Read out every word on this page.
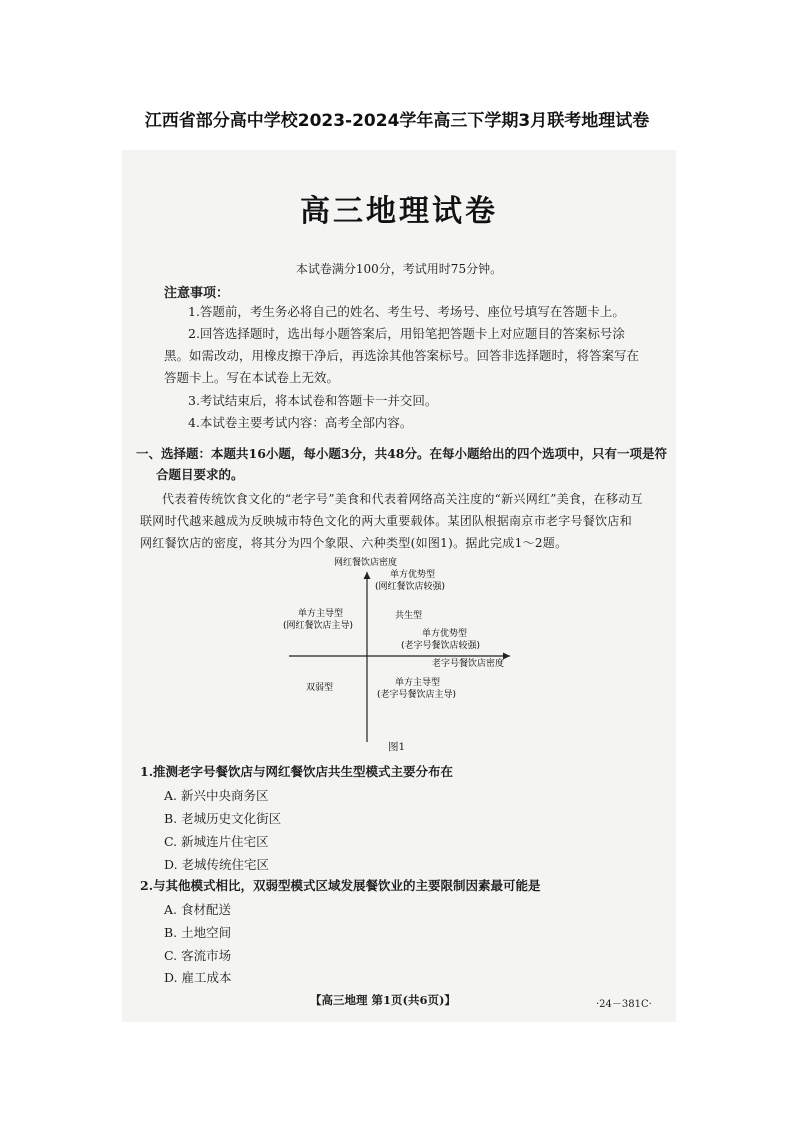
江西省部分高中学校2023-2024学年高三下学期3月联考地理试卷
高三地理试卷
本试卷满分100分，考试用时75分钟。
注意事项：
1.答题前，考生务必将自己的姓名、考生号、考场号、座位号填写在答题卡上。
2.回答选择题时，选出每小题答案后，用铅笔把答题卡上对应题目的答案标号涂
黑。如需改动，用橡皮擦干净后，再选涂其他答案标号。回答非选择题时，将答案写在
答题卡上。写在本试卷上无效。
3.考试结束后，将本试卷和答题卡一并交回。
4.本试卷主要考试内容：高考全部内容。
一、选择题：本题共16小题，每小题3分，共48分。在每小题给出的四个选项中，只有一项是符
合题目要求的。
代表着传统饮食文化的“老字号”美食和代表着网络高关注度的“新兴网红”美食，在移动互
联网时代越来越成为反映城市特色文化的两大重要载体。某团队根据南京市老字号餐饮店和
网红餐饮店的密度，将其分为四个象限、六种类型(如图1)。据此完成1～2题。
网红餐饮店密度
老字号餐饮店密度
单方优势型
(网红餐饮店较强)
共生型
单方优势型
(老字号餐饮店较强)
单方主导型
(网红餐饮店主导)
双弱型	单方主导型
(老字号餐饮店主导)
图1
1.推测老字号餐饮店与网红餐饮店共生型模式主要分布在
A. 新兴中央商务区
B. 老城历史文化街区
C. 新城连片住宅区
D. 老城传统住宅区
2.与其他模式相比，双弱型模式区域发展餐饮业的主要限制因素最可能是
A. 食材配送
B. 土地空间
C. 客流市场
D. 雇工成本
【高三地理 第1页(共6页)】	·24－381C·
